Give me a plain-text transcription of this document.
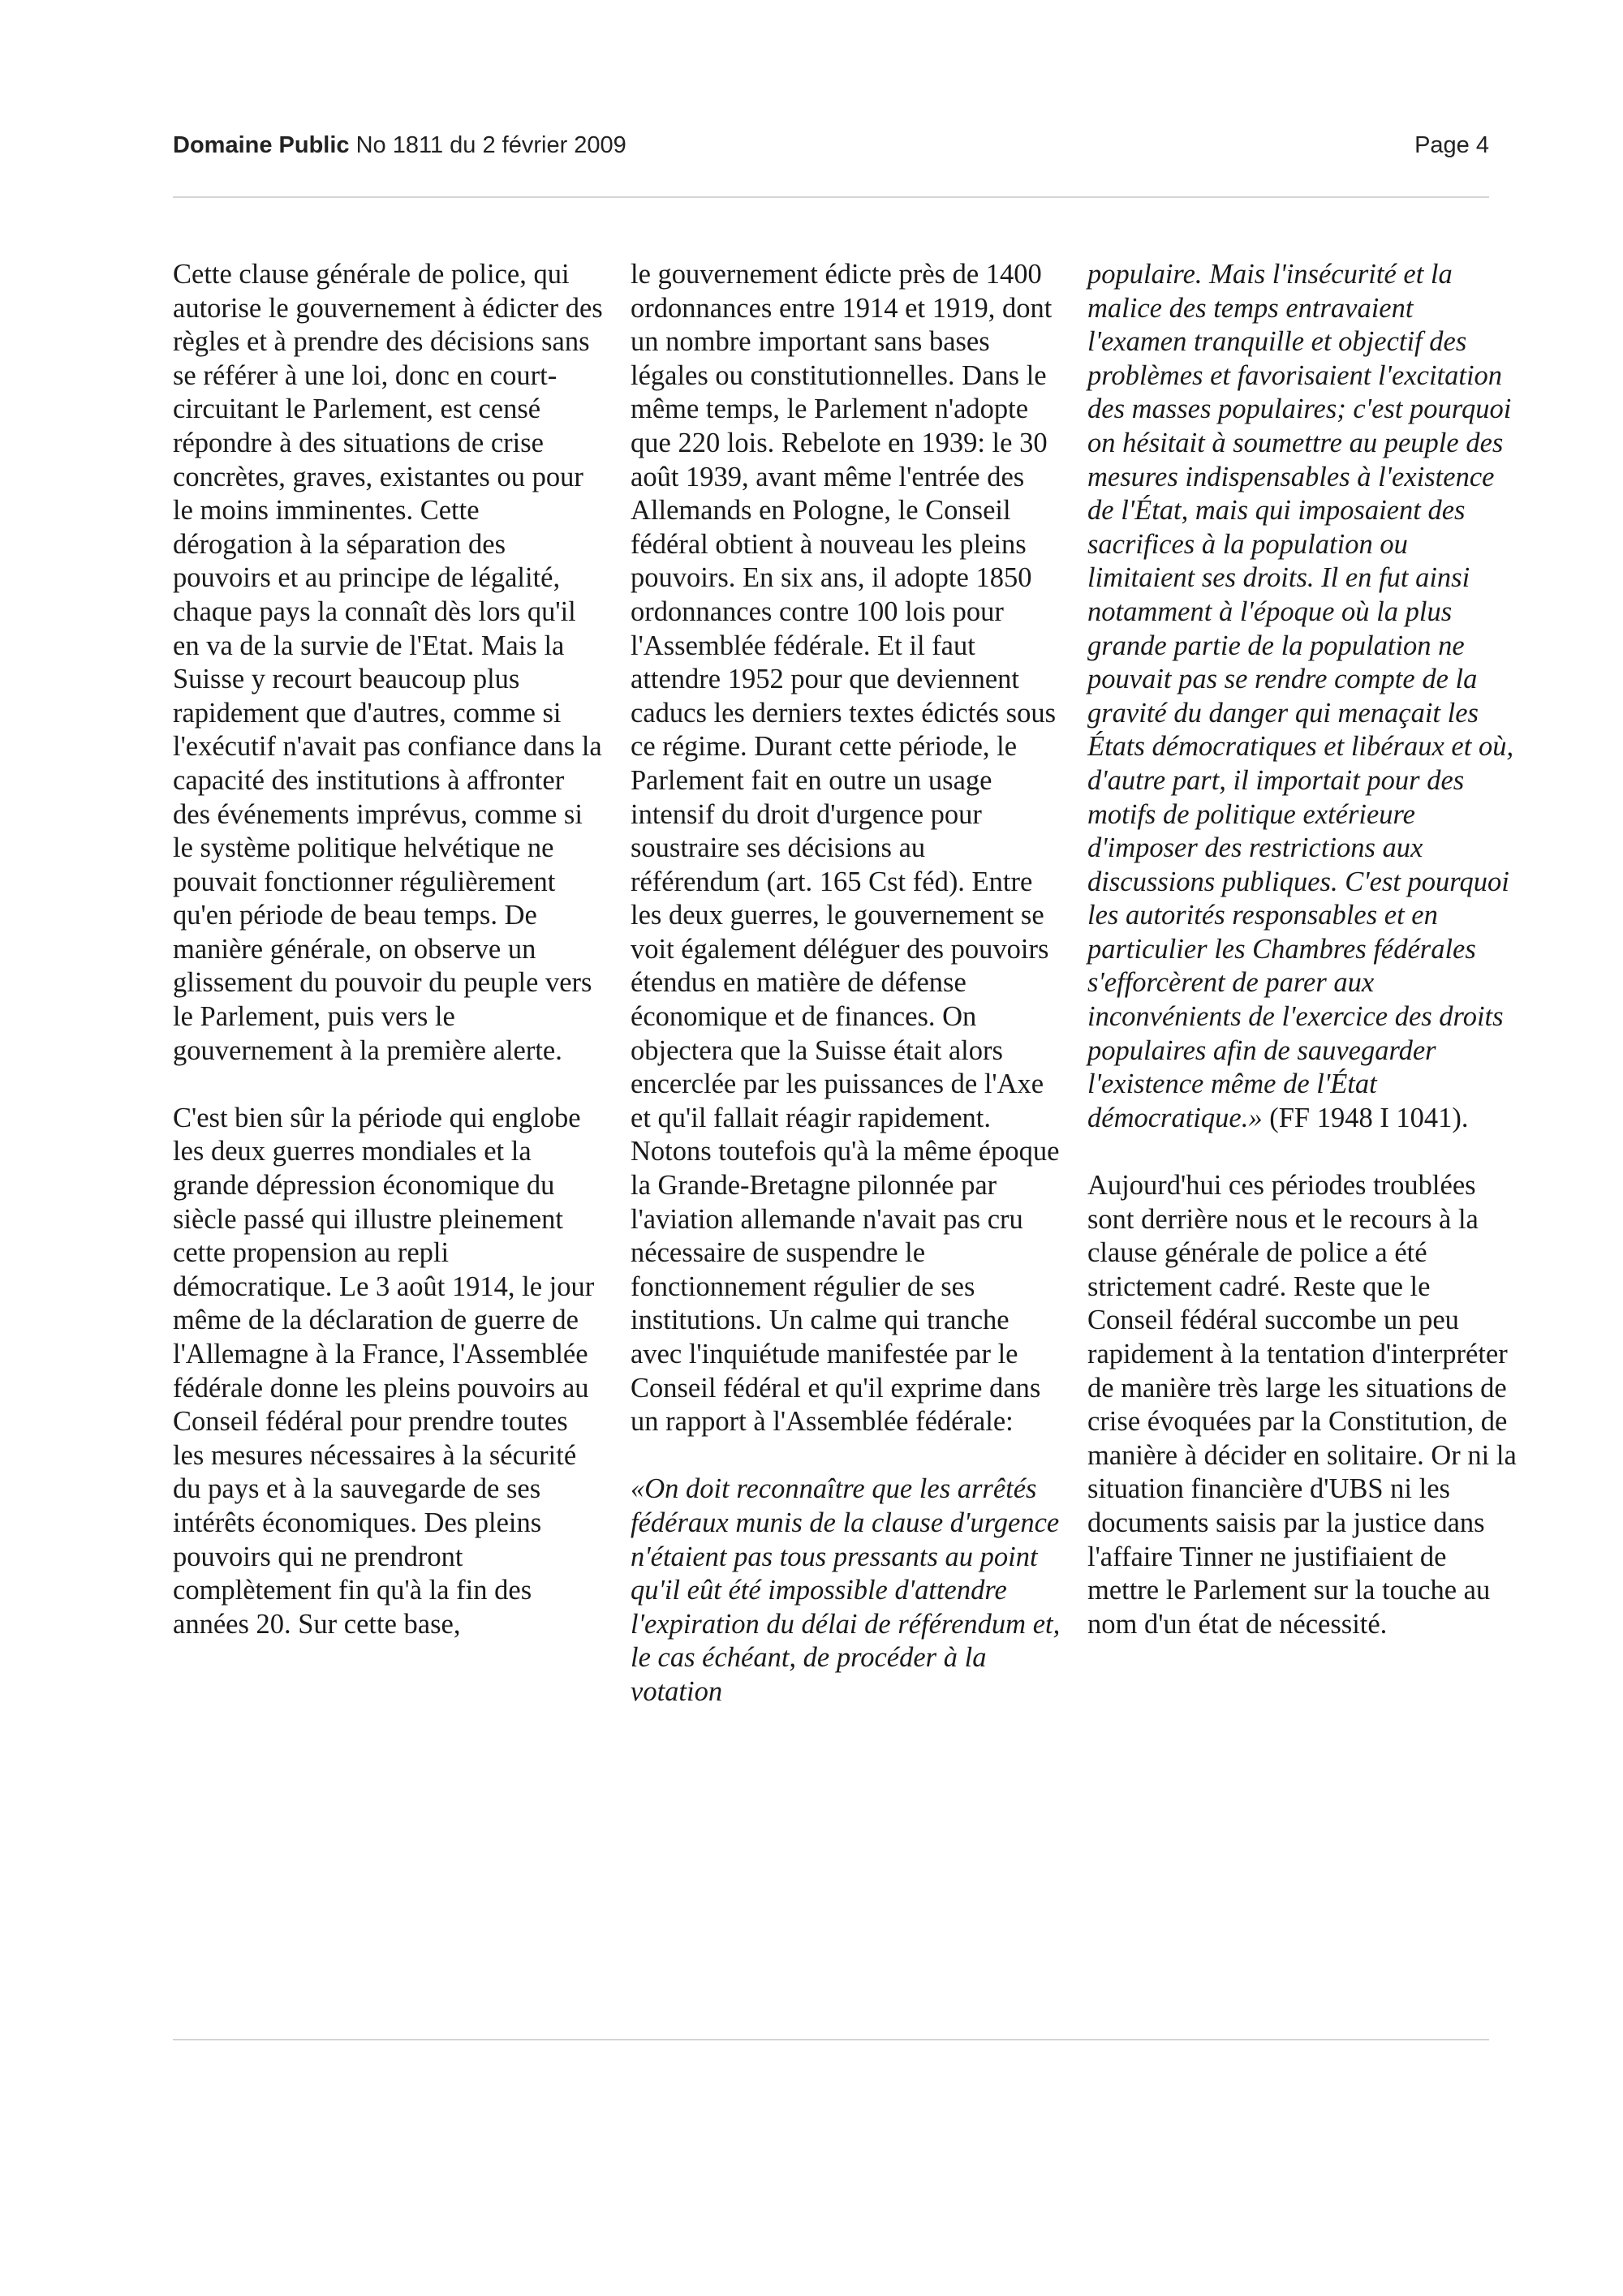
Domaine Public No 1811 du 2 février 2009	Page 4

Cette clause générale de police, qui autorise le gouvernement à édicter des règles et à prendre des décisions sans se référer à une loi, donc en court-circuitant le Parlement, est censé répondre à des situations de crise concrètes, graves, existantes ou pour le moins imminentes. Cette dérogation à la séparation des pouvoirs et au principe de légalité, chaque pays la connaît dès lors qu'il en va de la survie de l'Etat. Mais la Suisse y recourt beaucoup plus rapidement que d'autres, comme si l'exécutif n'avait pas confiance dans la capacité des institutions à affronter des événements imprévus, comme si le système politique helvétique ne pouvait fonctionner régulièrement qu'en période de beau temps. De manière générale, on observe un glissement du pouvoir du peuple vers le Parlement, puis vers le gouvernement à la première alerte.

C'est bien sûr la période qui englobe les deux guerres mondiales et la grande dépression économique du siècle passé qui illustre pleinement cette propension au repli démocratique. Le 3 août 1914, le jour même de la déclaration de guerre de l'Allemagne à la France, l'Assemblée fédérale donne les pleins pouvoirs au Conseil fédéral pour prendre toutes les mesures nécessaires à la sécurité du pays et à la sauvegarde de ses intérêts économiques. Des pleins pouvoirs qui ne prendront complètement fin qu'à la fin des années 20. Sur cette base,

le gouvernement édicte près de 1400 ordonnances entre 1914 et 1919, dont un nombre important sans bases légales ou constitutionnelles. Dans le même temps, le Parlement n'adopte que 220 lois. Rebelote en 1939: le 30 août 1939, avant même l'entrée des Allemands en Pologne, le Conseil fédéral obtient à nouveau les pleins pouvoirs. En six ans, il adopte 1850 ordonnances contre 100 lois pour l'Assemblée fédérale. Et il faut attendre 1952 pour que deviennent caducs les derniers textes édictés sous ce régime. Durant cette période, le Parlement fait en outre un usage intensif du droit d'urgence pour soustraire ses décisions au référendum (art. 165 Cst féd). Entre les deux guerres, le gouvernement se voit également déléguer des pouvoirs étendus en matière de défense économique et de finances. On objectera que la Suisse était alors encerclée par les puissances de l'Axe et qu'il fallait réagir rapidement. Notons toutefois qu'à la même époque la Grande-Bretagne pilonnée par l'aviation allemande n'avait pas cru nécessaire de suspendre le fonctionnement régulier de ses institutions. Un calme qui tranche avec l'inquiétude manifestée par le Conseil fédéral et qu'il exprime dans un rapport à l'Assemblée fédérale:

«On doit reconnaître que les arrêtés fédéraux munis de la clause d'urgence n'étaient pas tous pressants au point qu'il eût été impossible d'attendre l'expiration du délai de référendum et, le cas échéant, de procéder à la votation

populaire. Mais l'insécurité et la malice des temps entravaient l'examen tranquille et objectif des problèmes et favorisaient l'excitation des masses populaires; c'est pourquoi on hésitait à soumettre au peuple des mesures indispensables à l'existence de l'État, mais qui imposaient des sacrifices à la population ou limitaient ses droits. Il en fut ainsi notamment à l'époque où la plus grande partie de la population ne pouvait pas se rendre compte de la gravité du danger qui menaçait les États démocratiques et libéraux et où, d'autre part, il importait pour des motifs de politique extérieure d'imposer des restrictions aux discussions publiques. C'est pourquoi les autorités responsables et en particulier les Chambres fédérales s'efforcèrent de parer aux inconvénients de l'exercice des droits populaires afin de sauvegarder l'existence même de l'État démocratique.» (FF 1948 I 1041).

Aujourd'hui ces périodes troublées sont derrière nous et le recours à la clause générale de police a été strictement cadré. Reste que le Conseil fédéral succombe un peu rapidement à la tentation d'interpréter de manière très large les situations de crise évoquées par la Constitution, de manière à décider en solitaire. Or ni la situation financière d'UBS ni les documents saisis par la justice dans l'affaire Tinner ne justifiaient de mettre le Parlement sur la touche au nom d'un état de nécessité.
